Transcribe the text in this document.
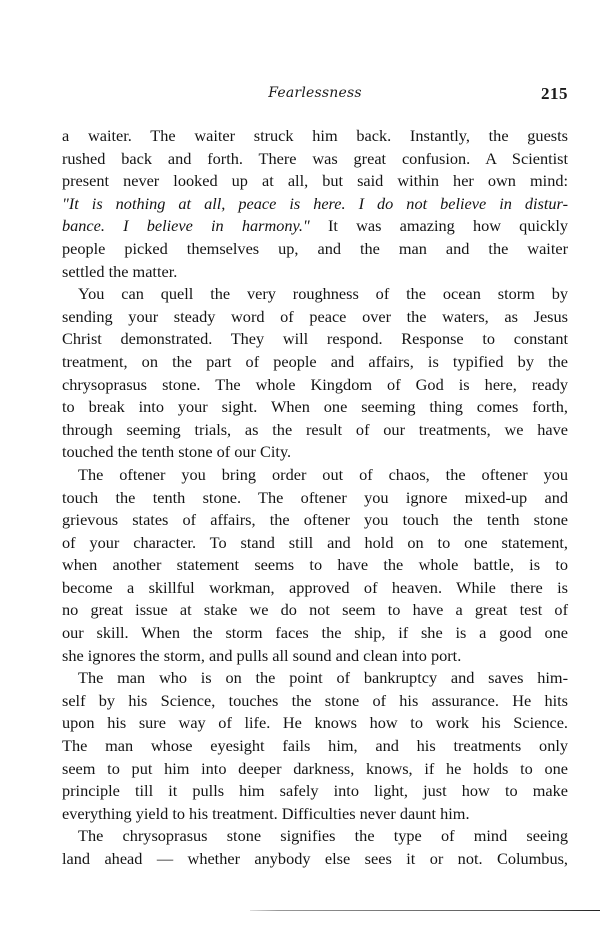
Fearlessness	215
a waiter. The waiter struck him back. Instantly, the guests
rushed back and forth. There was great confusion. A Scientist
present never looked up at all, but said within her own mind:
"It is nothing at all, peace is here. I do not believe in distur-
bance. I believe in harmony." It was amazing how quickly
people picked themselves up, and the man and the waiter
settled the matter.
You can quell the very roughness of the ocean storm by
sending your steady word of peace over the waters, as Jesus
Christ demonstrated. They will respond. Response to constant
treatment, on the part of people and affairs, is typified by the
chrysoprasus stone. The whole Kingdom of God is here, ready
to break into your sight. When one seeming thing comes forth,
through seeming trials, as the result of our treatments, we have
touched the tenth stone of our City.
The oftener you bring order out of chaos, the oftener you
touch the tenth stone. The oftener you ignore mixed-up and
grievous states of affairs, the oftener you touch the tenth stone
of your character. To stand still and hold on to one statement,
when another statement seems to have the whole battle, is to
become a skillful workman, approved of heaven. While there is
no great issue at stake we do not seem to have a great test of
our skill. When the storm faces the ship, if she is a good one
she ignores the storm, and pulls all sound and clean into port.
The man who is on the point of bankruptcy and saves him-
self by his Science, touches the stone of his assurance. He hits
upon his sure way of life. He knows how to work his Science.
The man whose eyesight fails him, and his treatments only
seem to put him into deeper darkness, knows, if he holds to one
principle till it pulls him safely into light, just how to make
everything yield to his treatment. Difficulties never daunt him.
The chrysoprasus stone signifies the type of mind seeing
land ahead — whether anybody else sees it or not. Columbus,
